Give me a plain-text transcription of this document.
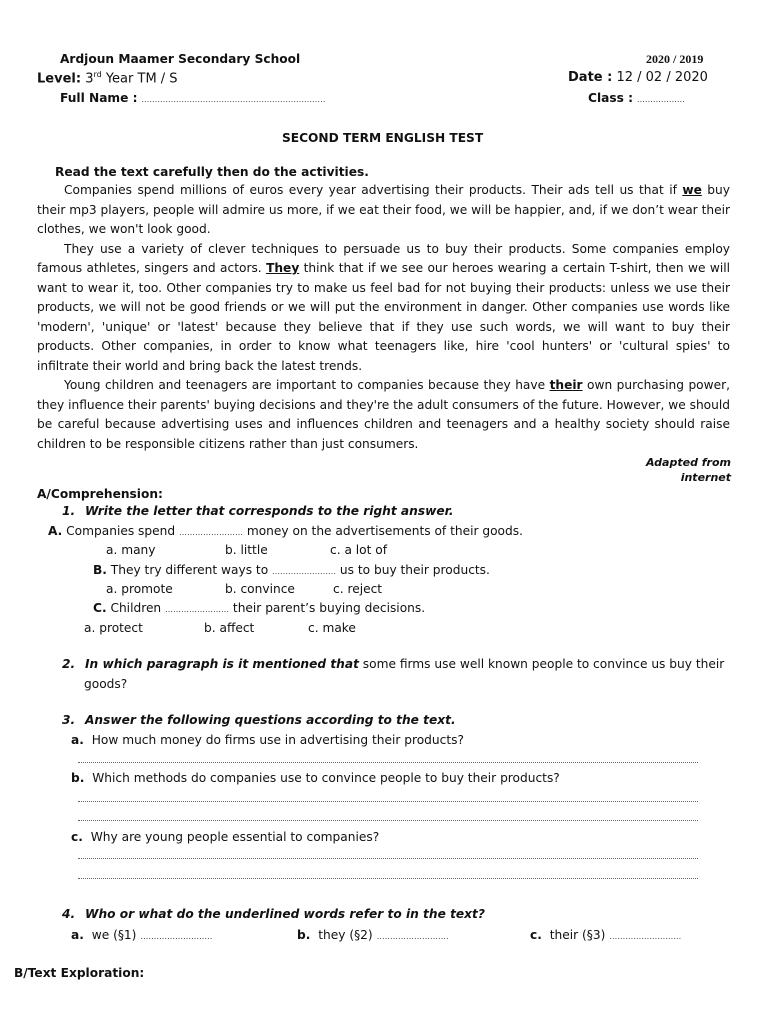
Ardjoun Maamer Secondary School	2020 / 2019
Level: 3rd Year TM / S	Date : 12 / 02 / 2020
Full Name : ……………………………………………………………	Class : ………………
SECOND TERM ENGLISH TEST
Read the text carefully then do the activities.

Companies spend millions of euros every year advertising their products. Their ads tell us that if we buy their mp3 players, people will admire us more, if we eat their food, we will be happier, and, if we don’t wear their clothes, we won't look good.

They use a variety of clever techniques to persuade us to buy their products. Some companies employ famous athletes, singers and actors. They think that if we see our heroes wearing a certain T-shirt, then we will want to wear it, too. Other companies try to make us feel bad for not buying their products: unless we use their products, we will not be good friends or we will put the environment in danger. Other companies use words like 'modern', 'unique' or 'latest' because they believe that if they use such words, we will want to buy their products. Other companies, in order to know what teenagers like, hire 'cool hunters' or 'cultural spies' to infiltrate their world and bring back the latest trends.

Young children and teenagers are important to companies because they have their own purchasing power, they influence their parents' buying decisions and they're the adult consumers of the future. However, we should be careful because advertising uses and influences children and teenagers and a healthy society should raise children to be responsible citizens rather than just consumers.

Adapted from
internet
A/Comprehension:
1. Write the letter that corresponds to the right answer.
A. Companies spend …………………… money on the advertisements of their goods.
a. many	b. little	c. a lot of
B. They try different ways to …………………… us to buy their products.
a. promote	b. convince	c. reject
C. Children …………………… their parent’s buying decisions.
a. protect	b. affect	c. make
2. In which paragraph is it mentioned that some firms use well known people to convince us buy their
goods?
3. Answer the following questions according to the text.
a. How much money do firms use in advertising their products?
b. Which methods do companies use to convince people to buy their products?
c. Why are young people essential to companies?
4. Who or what do the underlined words refer to in the text?
a. we (§1) ………………………	b. they (§2) ………………………	c. their (§3) ………………………
B/Text Exploration:
